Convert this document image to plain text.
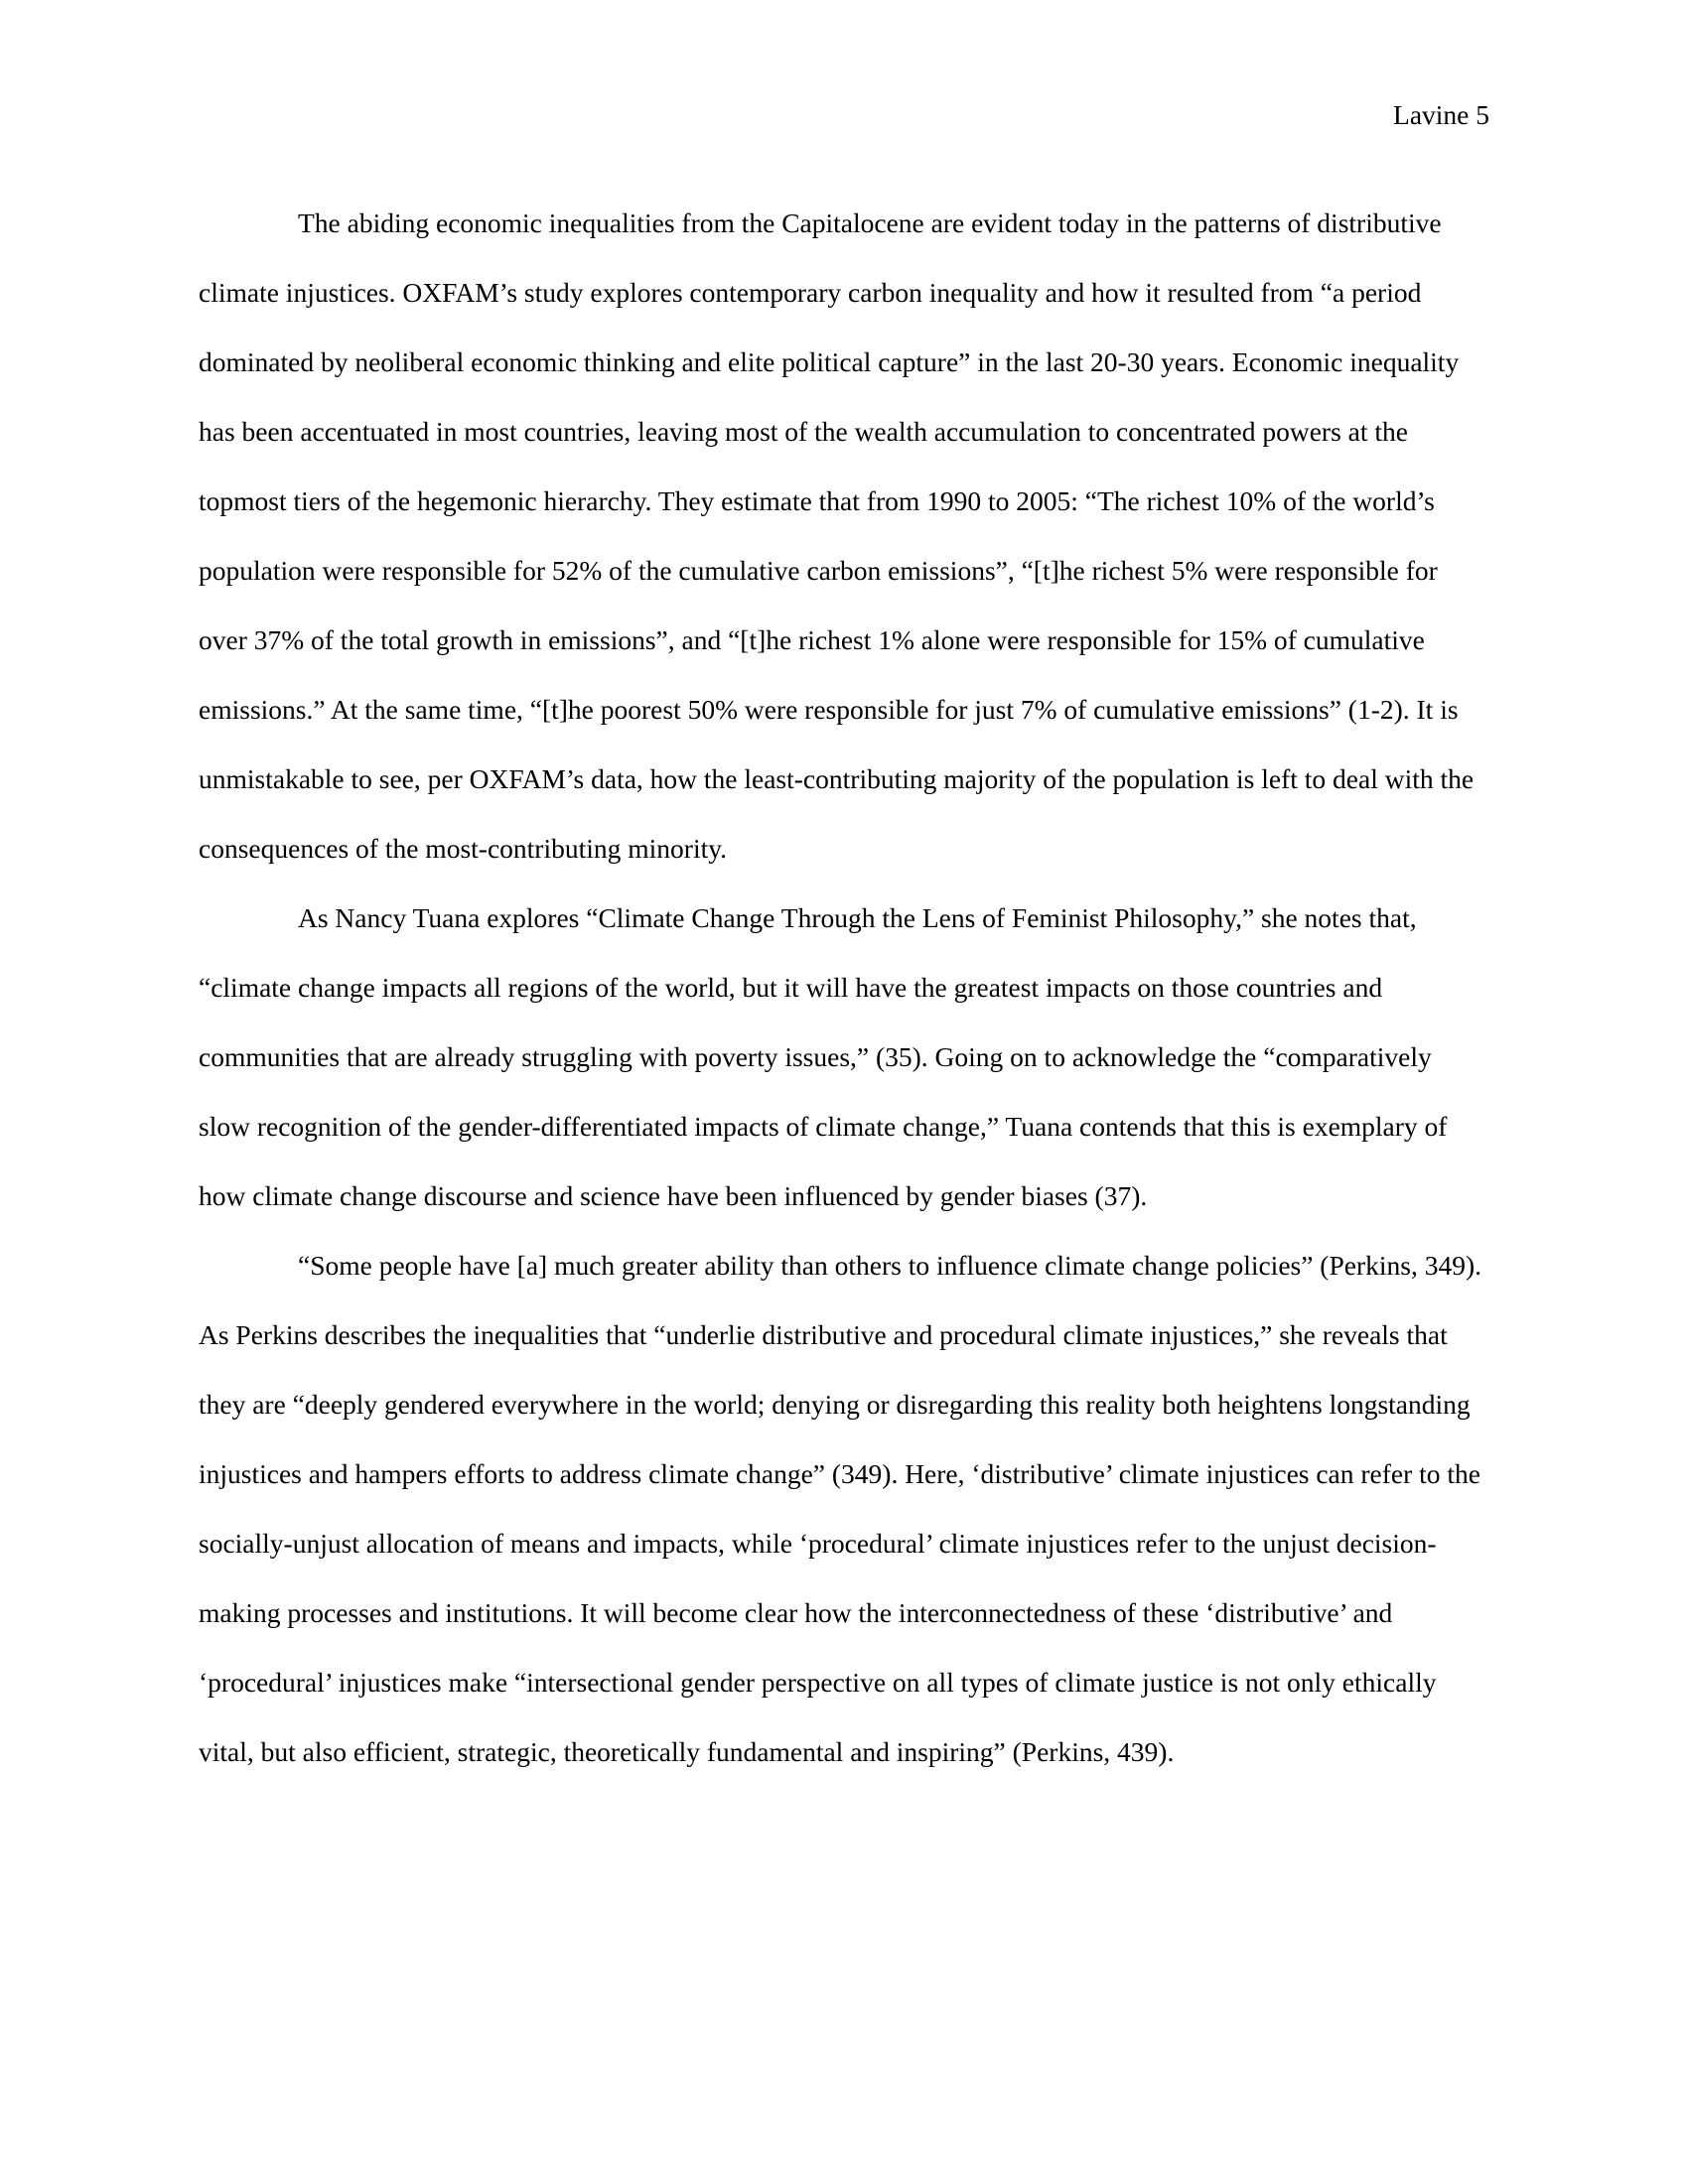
Lavine 5

The abiding economic inequalities from the Capitalocene are evident today in the patterns of distributive climate injustices. OXFAM’s study explores contemporary carbon inequality and how it resulted from “a period dominated by neoliberal economic thinking and elite political capture” in the last 20-30 years. Economic inequality has been accentuated in most countries, leaving most of the wealth accumulation to concentrated powers at the topmost tiers of the hegemonic hierarchy. They estimate that from 1990 to 2005: “The richest 10% of the world’s population were responsible for 52% of the cumulative carbon emissions”, “[t]he richest 5% were responsible for over 37% of the total growth in emissions”, and “[t]he richest 1% alone were responsible for 15% of cumulative emissions.” At the same time, “[t]he poorest 50% were responsible for just 7% of cumulative emissions” (1-2). It is unmistakable to see, per OXFAM’s data, how the least-contributing majority of the population is left to deal with the consequences of the most-contributing minority.

As Nancy Tuana explores “Climate Change Through the Lens of Feminist Philosophy,” she notes that, “climate change impacts all regions of the world, but it will have the greatest impacts on those countries and communities that are already struggling with poverty issues,” (35). Going on to acknowledge the “comparatively slow recognition of the gender-differentiated impacts of climate change,” Tuana contends that this is exemplary of how climate change discourse and science have been influenced by gender biases (37).

“Some people have [a] much greater ability than others to influence climate change policies” (Perkins, 349). As Perkins describes the inequalities that “underlie distributive and procedural climate injustices,” she reveals that they are “deeply gendered everywhere in the world; denying or disregarding this reality both heightens longstanding injustices and hampers efforts to address climate change” (349). Here, ‘distributive’ climate injustices can refer to the socially-unjust allocation of means and impacts, while ‘procedural’ climate injustices refer to the unjust decision-making processes and institutions. It will become clear how the interconnectedness of these ‘distributive’ and ‘procedural’ injustices make “intersectional gender perspective on all types of climate justice is not only ethically vital, but also efficient, strategic, theoretically fundamental and inspiring” (Perkins, 439).
